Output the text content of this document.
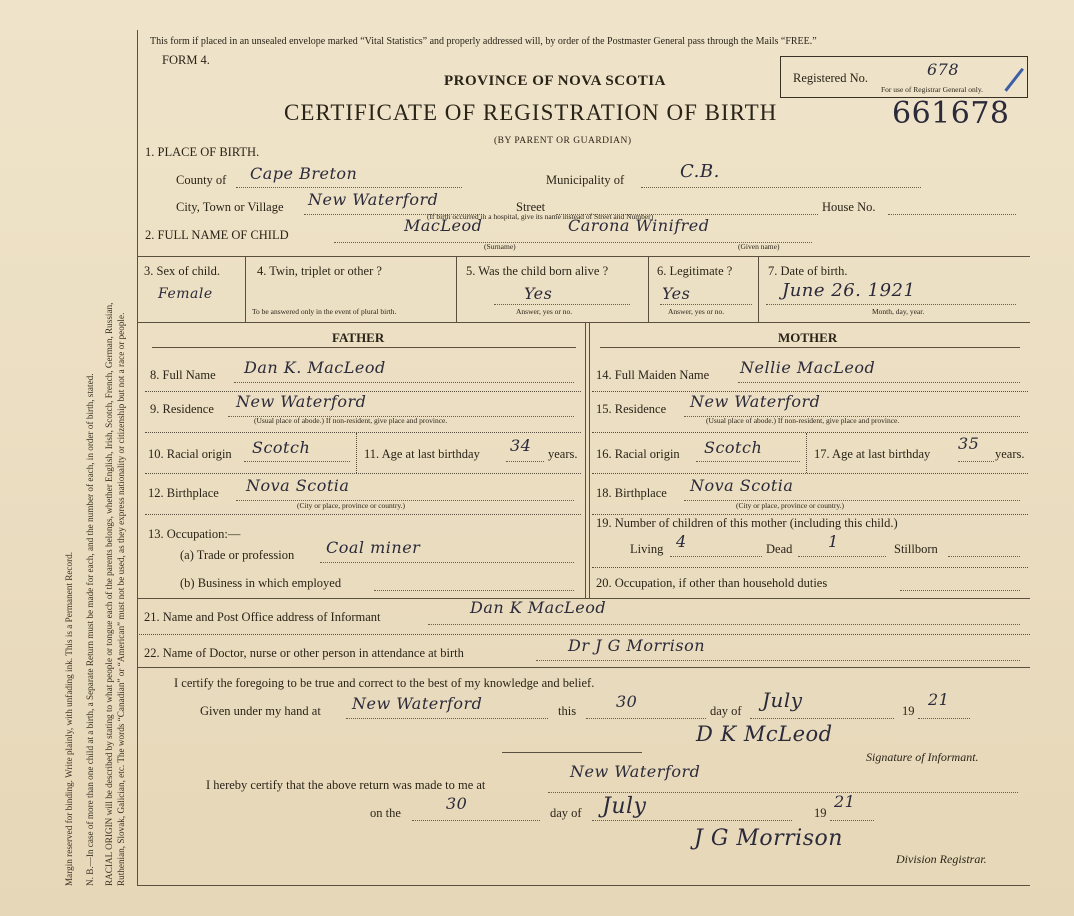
Margin reserved for binding. Write plainly, with unfading ink. This is a Permanent Record. N. B.—In case of more than one child at a birth, a Separate Return must be made for each, and the number of each, in order of birth, stated. RACIAL ORIGIN will be described by stating to what people or tongue each of the parents belongs, whether English, Irish, Scotch, French, German, Russian, Ruthenian, Slovak, Galician, etc. The words “Canadian” or “American” must not be used, as they express nationality or citizenship but not a race or people.
This form if placed in an unsealed envelope marked “Vital Statistics” and properly addressed will, by order of the Postmaster General pass through the Mails “FREE.”
FORM 4.
PROVINCE OF NOVA SCOTIA
CERTIFICATE OF REGISTRATION OF BIRTH
(BY PARENT OR GUARDIAN)
661678
Registered No.	678
For use of Registrar General only.
1. PLACE OF BIRTH.
County of Cape Breton	Municipality of	C.B.
City, Town or Village New Waterford	Street	House No.
(If birth occurred in a hospital, give its name instead of Street and Number)
2. FULL NAME OF CHILD	MacLeod	Carona Winifred
(Surname)	(Given name)
3. Sex of child.
Female
4. Twin, triplet or other ?
To be answered only in the event of plural birth.
5. Was the child born alive ?
Yes
Answer, yes or no.
6. Legitimate ?
Yes
Answer, yes or no.
7. Date of birth.
June 26. 1921
Month, day, year.
FATHER	MOTHER
8. Full Name Dan K. MacLeod
9. Residence New Waterford
(Usual place of abode.) If non-resident, give place and province.
10. Racial origin Scotch	11. Age at last birthday 34 years.
12. Birthplace Nova Scotia
(City or place, province or country.)
13. Occupation:—
(a) Trade or profession Coal miner
(b) Business in which employed
14. Full Maiden Name Nellie MacLeod
15. Residence New Waterford
(Usual place of abode.) If non-resident, give place and province.
16. Racial origin Scotch	17. Age at last birthday
35
years.
18. Birthplace Nova Scotia
(City or place, province or country.)
19. Number of children of this mother (including this child.)
Living 4	Dead 1	Stillborn
20. Occupation, if other than household duties
21. Name and Post Office address of Informant	Dan K MacLeod
22. Name of Doctor, nurse or other person in attendance at birth	Dr J G Morrison
I certify the foregoing to be true and correct to the best of my knowledge and belief.
Given under my hand at New Waterford	this 30	day of July	19
21
D K McLeod
Signature of Informant.
I hereby certify that the above return was made to me at
New Waterford
on the	30	day of July	19
21
J G Morrison
Division Registrar.
